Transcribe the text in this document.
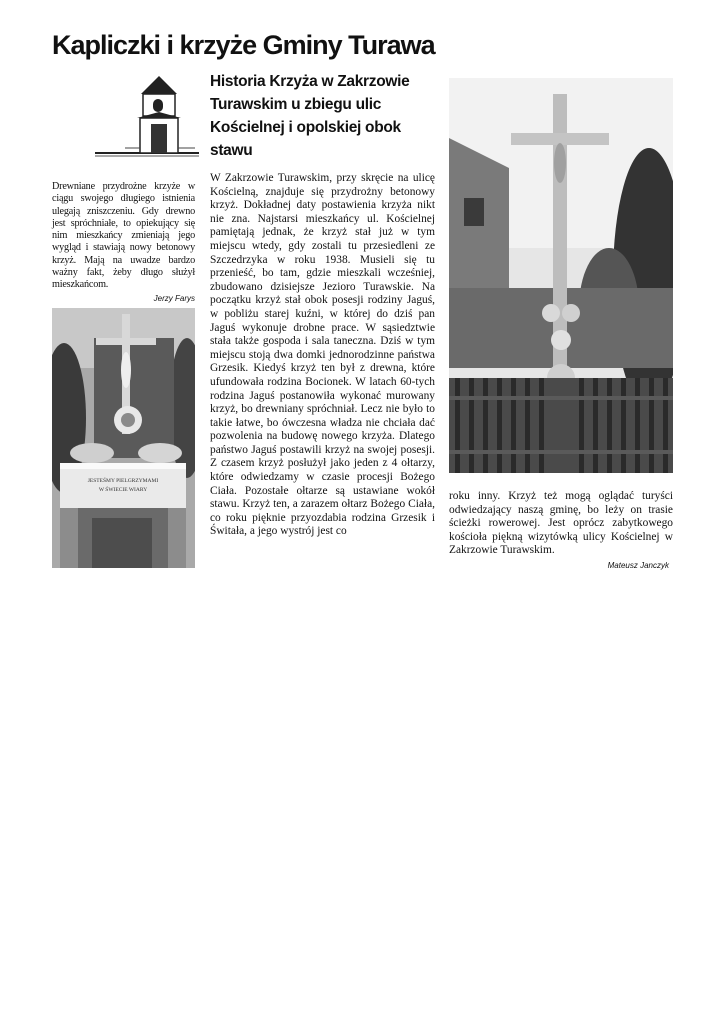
Kapliczki i krzyże Gminy Turawa

Drewniane przydrożne krzyże w ciągu swojego długiego istnienia ulegają zniszczeniu. Gdy drewno jest spróchniałe, to opiekujący się nim mieszkańcy zmieniają jego wygląd i stawiają nowy betonowy krzyż. Mają na uwadze bardzo ważny fakt, żeby długo służył mieszkańcom.

Jerzy Farys
JESTEŚMY PIELGRZYMAMI
W ŚWIECIE WIARY
Historia Krzyża w Zakrzowie Turawskim u zbiegu ulic Kościelnej i opolskiej obok stawu

W Zakrzowie Turawskim, przy skręcie na ulicę Kościelną, znajduje się przydrożny betonowy krzyż. Dokładnej daty postawienia krzyża nikt nie zna. Najstarsi mieszkańcy ul. Kościelnej pamiętają jednak, że krzyż stał już w tym miejscu wtedy, gdy zostali tu przesiedleni ze Szczedrzyka w roku 1938. Musieli się tu przenieść, bo tam, gdzie mieszkali wcześniej, zbudowano dzisiejsze Jezioro Turawskie. Na początku krzyż stał obok posesji rodziny Jaguś, w pobliżu starej kuźni, w której do dziś pan Jaguś wykonuje drobne prace. W sąsiedztwie stała także gospoda i sala taneczna. Dziś w tym miejscu stoją dwa domki jednorodzinne państwa Grzesik. Kiedyś krzyż ten był z drewna, które ufundowała rodzina Bocionek. W latach 60-tych rodzina Jaguś postanowiła wykonać murowany krzyż, bo drewniany spróchniał. Lecz nie było to takie łatwe, bo ówczesna władza nie chciała dać pozwolenia na budowę nowego krzyża. Dlatego państwo Jaguś postawili krzyż na swojej posesji. Z czasem krzyż posłużył jako jeden z 4 ołtarzy, które odwiedzamy w czasie procesji Bożego Ciała. Pozostałe ołtarze są ustawiane wokół stawu. Krzyż ten, a zarazem ołtarz Bożego Ciała, co roku pięknie przyozdabia rodzina Grzesik i Świtała, a jego wystrój jest co

roku inny. Krzyż też mogą oglądać turyści odwiedzający naszą gminę, bo leży on trasie ścieżki rowerowej. Jest oprócz zabytkowego kościoła piękną wizytówką ulicy Kościelnej w Zakrzowie Turawskim.

Mateusz Janczyk
